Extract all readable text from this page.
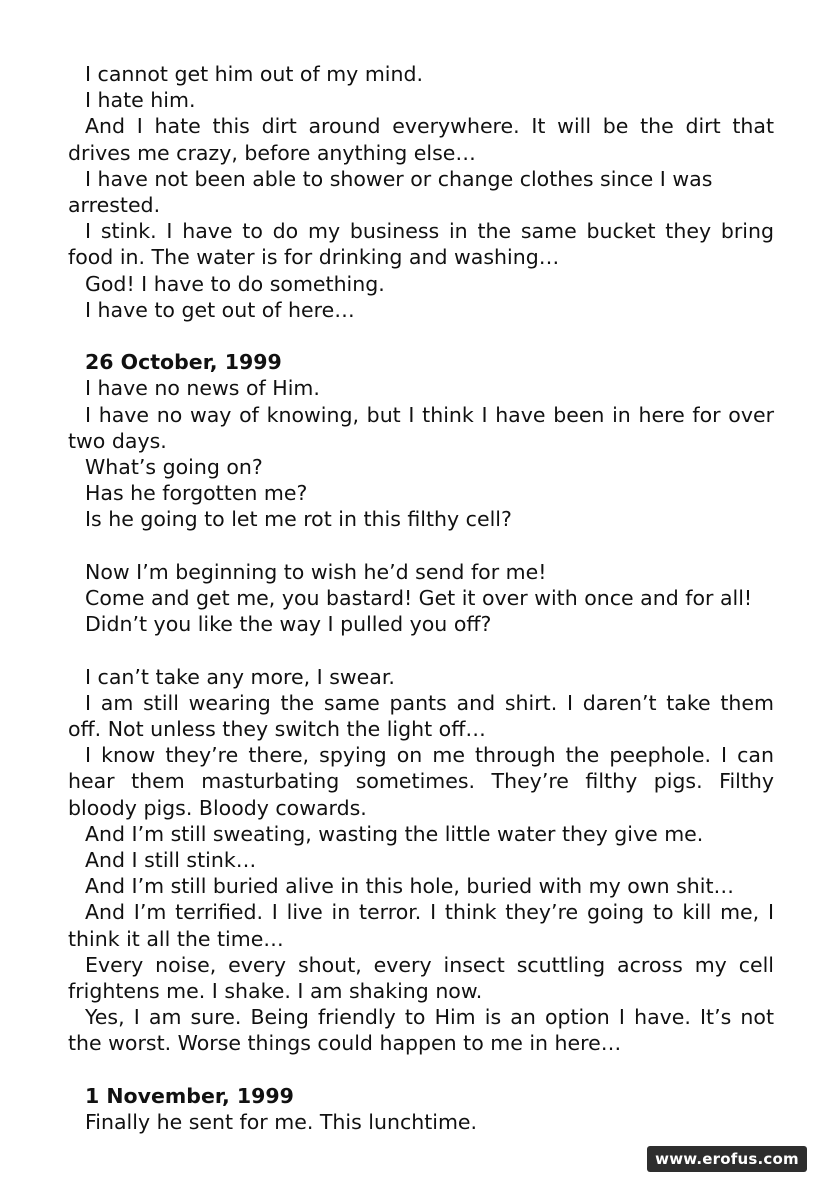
I cannot get him out of my mind.

I hate him.

And I hate this dirt around everywhere. It will be the dirt that drives me crazy, before anything else…

I have not been able to shower or change clothes since I was arrested.

I stink. I have to do my business in the same bucket they bring food in. The water is for drinking and washing…

God! I have to do something.

I have to get out of here…

26 October, 1999

I have no news of Him.

I have no way of knowing, but I think I have been in here for over two days.

What’s going on?

Has he forgotten me?

Is he going to let me rot in this filthy cell?

Now I’m beginning to wish he’d send for me!

Come and get me, you bastard! Get it over with once and for all!

Didn’t you like the way I pulled you off?

I can’t take any more, I swear.

I am still wearing the same pants and shirt. I daren’t take them off. Not unless they switch the light off…

I know they’re there, spying on me through the peephole. I can hear them masturbating sometimes. They’re filthy pigs. Filthy bloody pigs. Bloody cowards.

And I’m still sweating, wasting the little water they give me.

And I still stink…

And I’m still buried alive in this hole, buried with my own shit…

And I’m terrified. I live in terror. I think they’re going to kill me, I think it all the time…

Every noise, every shout, every insect scuttling across my cell frightens me. I shake. I am shaking now.

Yes, I am sure. Being friendly to Him is an option I have. It’s not the worst. Worse things could happen to me in here…

1 November, 1999

Finally he sent for me. This lunchtime.

www.erofus.com
